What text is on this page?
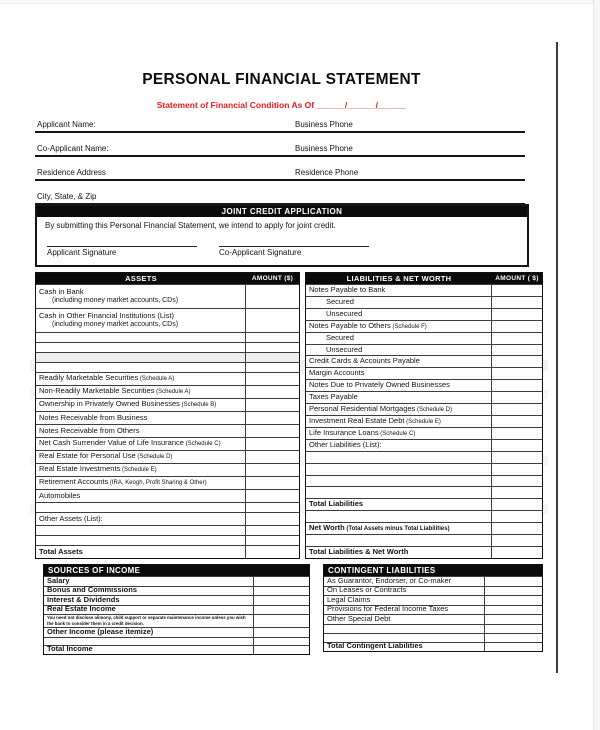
PERSONAL FINANCIAL STATEMENT
Statement of Financial Condition As Of ______/______/______
Applicant Name:	Business Phone
Co-Applicant Name:	Business Phone
Residence Address	Residence Phone
City, State, & Zip
JOINT CREDIT APPLICATION
By submitting this Personal Financial Statement, we intend to apply for joint credit.
Applicant Signature	Co-Applicant Signature
ASSETS	AMOUNT ($)
Cash in Bank
(including money market accounts, CDs)
Cash in Other Financial Institutions (List)
(including money market accounts, CDs)
Readily Marketable Securities (Schedule A)
Non-Readily Marketable Securities (Schedule A)
Ownership in Privately Owned Businesses (Schedule B)
Notes Receivable from Business
Notes Receivable from Others
Net Cash Surrender Value of Life Insurance (Schedule C)
Real Estate for Personal Use (Schedule D)
Real Estate Investments (Schedule E)
Retirement Accounts (IRA, Keogh, Profit Sharing & Other)
Automobiles
Other Assets (List):
Total Assets
LIABILITIES & NET WORTH	AMOUNT ( $)
Notes Payable to Bank
Secured
Unsecured
Notes Payable to Others (Schedule F)
Secured
Unsecured
Credit Cards & Accounts Payable
Margin Accounts
Notes Due to Privately Owned Businesses
Taxes Payable
Personal Residential Mortgages (Schedule D)
Investment Real Estate Debt (Schedule E)
Life Insurance Loans (Schedule C)
Other Liabilities (List):
Total Liabilities
Net Worth (Total Assets minus Total Liabilities)
Total Liabilities & Net Worth
SOURCES OF INCOME
Salary
Bonus and Commissions
Interest & Dividends
Real Estate Income
You need not disclose alimony, child support or separate maintenance income unless you wish the bank to consider them in a credit decision.
Other Income (please itemize)
Total Income
CONTINGENT LIABILITIES
As Guarantor, Endorser, or Co-maker
On Leases or Contracts
Legal Claims
Provisions for Federal Income Taxes
Other Special Debt
Total Contingent Liabilities
